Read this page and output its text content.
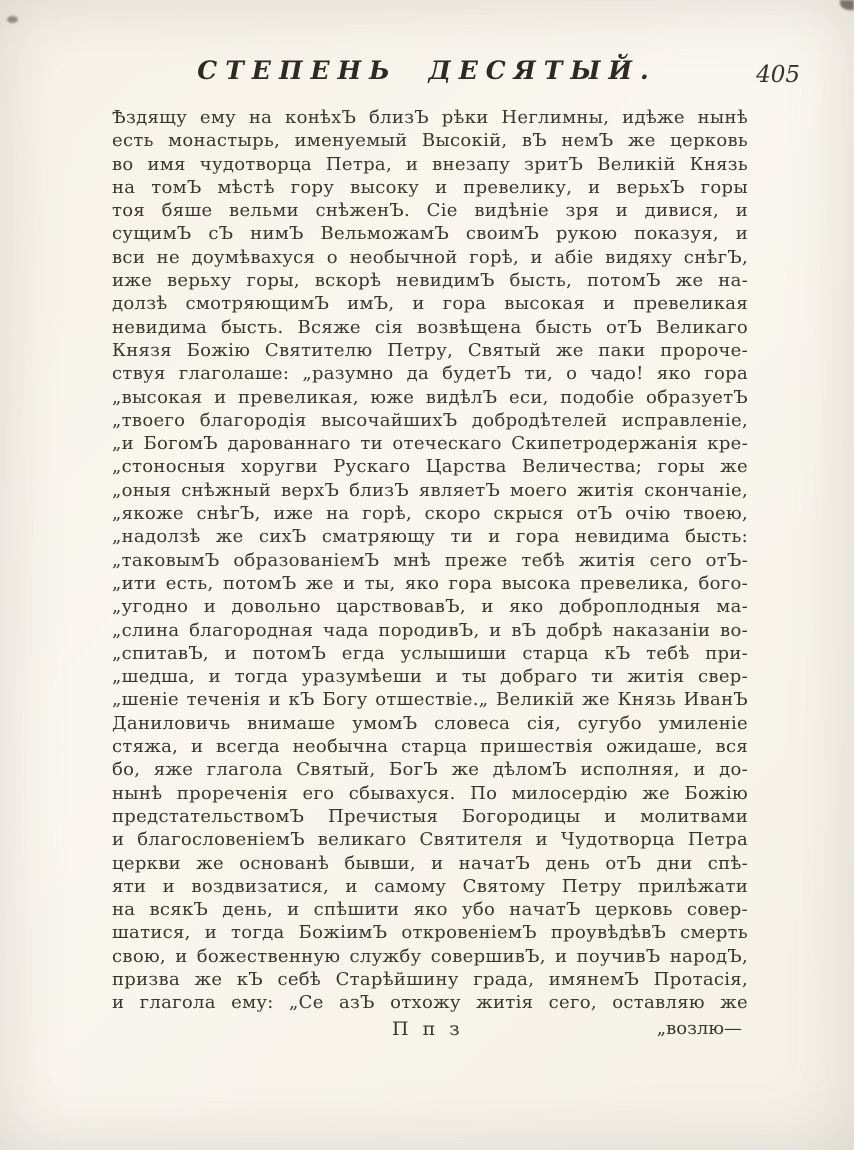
СТЕПЕНЬ ДЕСЯТЫЙ.	405
Ѣздящу ему на конѣхЪ близЪ рѣки Неглимны, идѣже нынѣ
есть монастырь, именуемый Высокій, вЪ немЪ же церковь
во имя чудотворца Петра, и внезапу зритЪ Великій Князь
на томЪ мѣстѣ гору высоку и превелику, и верьхЪ горы
тоя бяше вельми снѣженЪ. Сіе видѣніе зря и дивися, и
сущимЪ сЪ нимЪ ВельможамЪ своимЪ рукою показуя, и
вси не доумѣвахуся о необычной горѣ, и абіе видяху снѣгЪ,
иже верьху горы, вскорѣ невидимЪ бысть, потомЪ же на-
долзѣ смотряющимЪ имЪ, и гора высокая и превеликая
невидима бысть. Всяже сія возвѣщена бысть отЪ Великаго
Князя Божію Святителю Петру, Святый же паки пророче-
ствуя глаголаше: „разумно да будетЪ ти, о чадо! яко гора
„высокая и превеликая, юже видѣлЪ еси, подобіе образуетЪ
„твоего благородія высочайшихЪ добродѣтелей исправленіе,
„и БогомЪ дарованнаго ти отеческаго Скипетродержанія кре-
„стоносныя хоругви Рускаго Царства Величества; горы же
„оныя снѣжный верхЪ близЪ являетЪ моего житія скончаніе,
„якоже снѣгЪ, иже на горѣ, скоро скрыся отЪ очію твоею,
„надолзѣ же сихЪ сматряющу ти и гора невидима бысть:
„таковымЪ образованіемЪ мнѣ преже тебѣ житія сего отЪ-
„ити есть, потомЪ же и ты, яко гора высока превелика, бого-
„угодно и довольно царствовавЪ, и яко доброплодныя ма-
„слина благородная чада породивЪ, и вЪ добрѣ наказаніи во-
„спитавЪ, и потомЪ егда услышиши старца кЪ тебѣ при-
„шедша, и тогда уразумѣеши и ты добраго ти житія свер-
„шеніе теченія и кЪ Богу отшествіе.„ Великій же Князь ИванЪ
Даниловичь внимаше умомЪ словеса сія, сугубо умиленіе
стяжа, и всегда необычна старца пришествія ожидаше, вся
бо, яже глагола Святый, БогЪ же дѣломЪ исполняя, и до-
нынѣ прореченія его сбывахуся. По милосердію же Божію
предстательствомЪ Пречистыя Богородицы и молитвами
и благословеніемЪ великаго Святителя и Чудотворца Петра
церкви же основанѣ бывши, и начатЪ день отЪ дни спѣ-
яти и воздвизатися, и самому Святому Петру прилѣжати
на всякЪ день, и спѣшити яко убо начатЪ церковь совер-
шатися, и тогда БожіимЪ откровеніемЪ проувѣдѣвЪ смерть
свою, и божественную службу совершивЪ, и поучивЪ народЪ,
призва же кЪ себѣ Старѣйшину града, имянемЪ Протасія,
и глагола ему: „Се азЪ отхожу житія сего, оставляю же
П п з	„возлю—
